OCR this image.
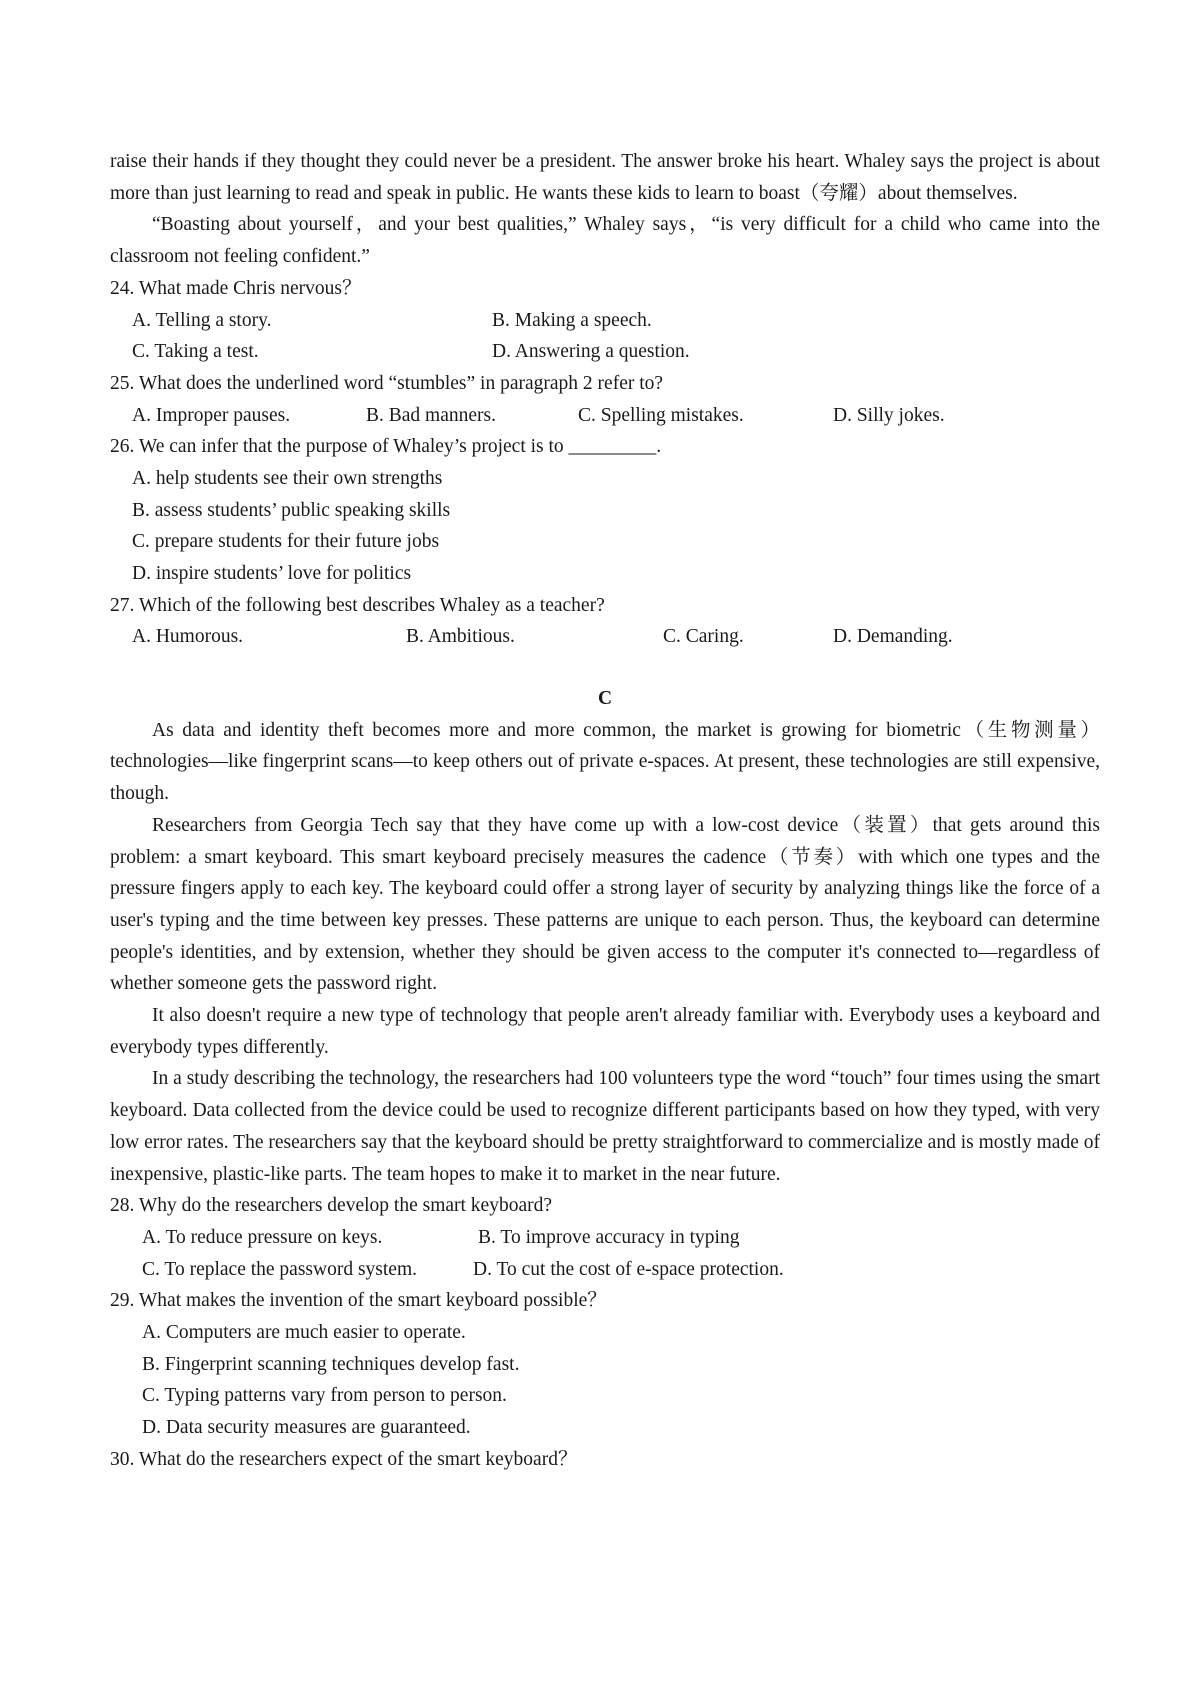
raise their hands if they thought they could never be a president. The answer broke his heart. Whaley says the project is about more than just learning to read and speak in public. He wants these kids to learn to boast（夸耀）about themselves.

“Boasting about yourself，and your best qualities,” Whaley says，“is very difficult for a child who came into the classroom not feeling confident.”

24. What made Chris nervous？
A. Telling a story.	B. Making a speech.
C. Taking a test.	D. Answering a question.
25. What does the underlined word “stumbles” in paragraph 2 refer to?
A. Improper pauses.	B. Bad manners.	C. Spelling mistakes.	D. Silly jokes.
26. We can infer that the purpose of Whaley’s project is to _________.
A. help students see their own strengths
B. assess students’ public speaking skills
C. prepare students for their future jobs
D. inspire students’ love for politics
27. Which of the following best describes Whaley as a teacher?
A. Humorous.	B. Ambitious.	C. Caring.	D. Demanding.
C

As data and identity theft becomes more and more common, the market is growing for biometric（生物测量）technologies—like fingerprint scans—to keep others out of private e-spaces. At present, these technologies are still expensive, though.

Researchers from Georgia Tech say that they have come up with a low-cost device（装置）that gets around this problem: a smart keyboard. This smart keyboard precisely measures the cadence（节奏）with which one types and the pressure fingers apply to each key. The keyboard could offer a strong layer of security by analyzing things like the force of a user's typing and the time between key presses. These patterns are unique to each person. Thus, the keyboard can determine people's identities, and by extension, whether they should be given access to the computer it's connected to—regardless of whether someone gets the password right.

It also doesn't require a new type of technology that people aren't already familiar with. Everybody uses a keyboard and everybody types differently.

In a study describing the technology, the researchers had 100 volunteers type the word “touch” four times using the smart keyboard. Data collected from the device could be used to recognize different participants based on how they typed, with very low error rates. The researchers say that the keyboard should be pretty straightforward to commercialize and is mostly made of inexpensive, plastic-like parts. The team hopes to make it to market in the near future.

28. Why do the researchers develop the smart keyboard?
A. To reduce pressure on keys.	B. To improve accuracy in typing
C. To replace the password system.	D. To cut the cost of e-space protection.
29. What makes the invention of the smart keyboard possible？
A. Computers are much easier to operate.
B. Fingerprint scanning techniques develop fast.
C. Typing patterns vary from person to person.
D. Data security measures are guaranteed.
30. What do the researchers expect of the smart keyboard？
